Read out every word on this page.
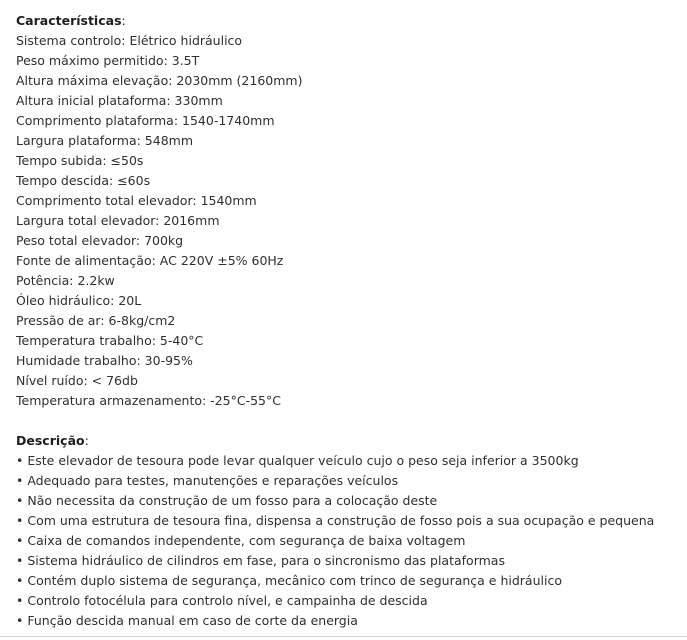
Características:
Sistema controlo: Elétrico hidráulico
Peso máximo permitido: 3.5T
Altura máxima elevação: 2030mm (2160mm)
Altura inicial plataforma: 330mm
Comprimento plataforma: 1540-1740mm
Largura plataforma: 548mm
Tempo subida: ≤50s
Tempo descida: ≤60s
Comprimento total elevador: 1540mm
Largura total elevador: 2016mm
Peso total elevador: 700kg
Fonte de alimentação: AC 220V ±5% 60Hz
Potência: 2.2kw
Óleo hidráulico: 20L
Pressão de ar: 6-8kg/cm2
Temperatura trabalho: 5-40°C
Humidade trabalho: 30-95%
Nível ruído: < 76db
Temperatura armazenamento: -25°C-55°C
Descrição:
• Este elevador de tesoura pode levar qualquer veículo cujo o peso seja inferior a 3500kg
• Adequado para testes, manutenções e reparações veículos
• Não necessita da construção de um fosso para a colocação deste
• Com uma estrutura de tesoura fina, dispensa a construção de fosso pois a sua ocupação e pequena
• Caixa de comandos independente, com segurança de baixa voltagem
• Sistema hidráulico de cilindros em fase, para o sincronismo das plataformas
• Contém duplo sistema de segurança, mecânico com trinco de segurança e hidráulico
• Controlo fotocélula para controlo nível, e campainha de descida
• Função descida manual em caso de corte da energia
